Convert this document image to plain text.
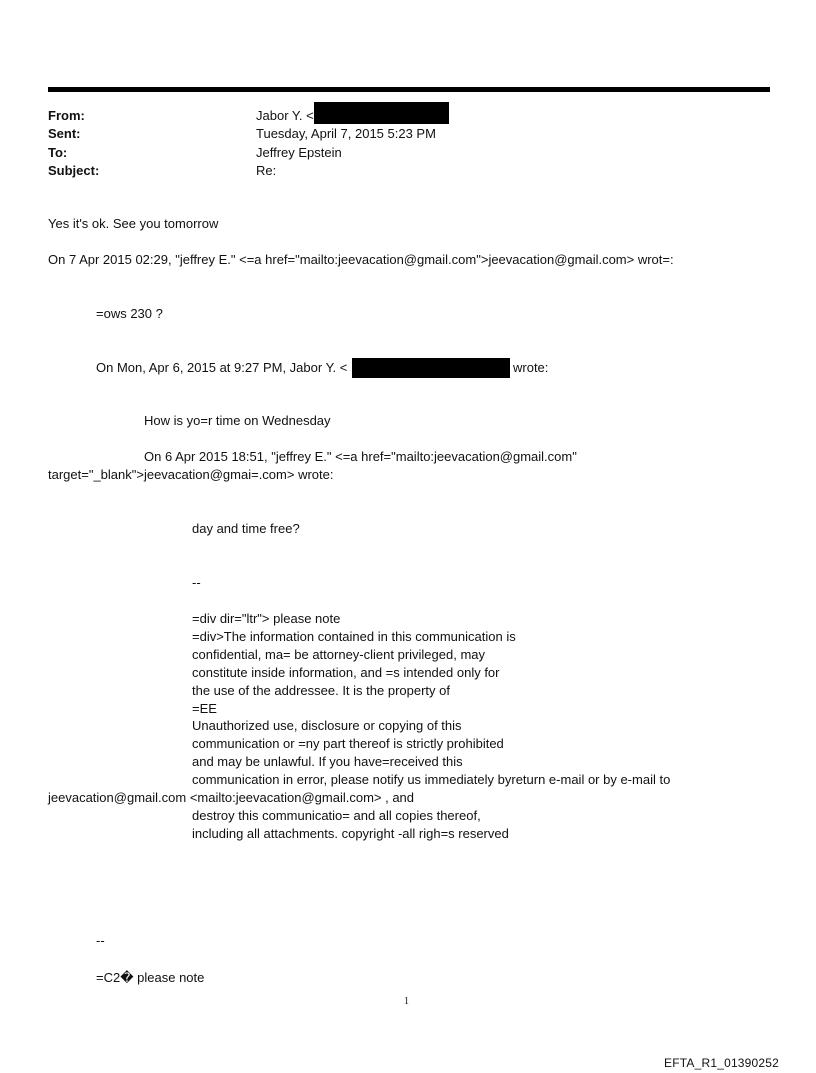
From:	Jabor Y. <
Sent:	Tuesday, April 7, 2015 5:23 PM
To:	Jeffrey Epstein
Subject:	Re:
Yes it's ok. See you tomorrow
On 7 Apr 2015 02:29, "jeffrey E." <=a href="mailto:jeevacation@gmail.com">jeevacation@gmail.com> wrot=:
=ows 230 ?
On Mon, Apr 6, 2015 at 9:27 PM, Jabor Y. <	wrote:
How is yo=r time on Wednesday
On 6 Apr 2015 18:51, "jeffrey E." <=a href="mailto:jeevacation@gmail.com"
target="_blank">jeevacation@gmai=.com> wrote:
day and time free?
--
=div dir="ltr"> please note
=div>The information contained in this communication is
confidential, ma= be attorney-client privileged, may
constitute inside information, and =s intended only for
the use of the addressee. It is the property of
=EE
Unauthorized use, disclosure or copying of this
communication or =ny part thereof is strictly prohibited
and may be unlawful. If you have=received this
communication in error, please notify us immediately byreturn e-mail or by e-mail to
jeevacation@gmail.com <mailto:jeevacation@gmail.com> , and
destroy this communicatio= and all copies thereof,
including all attachments. copyright -all righ=s reserved
--
=C2� please note
1
EFTA_R1_01390252
